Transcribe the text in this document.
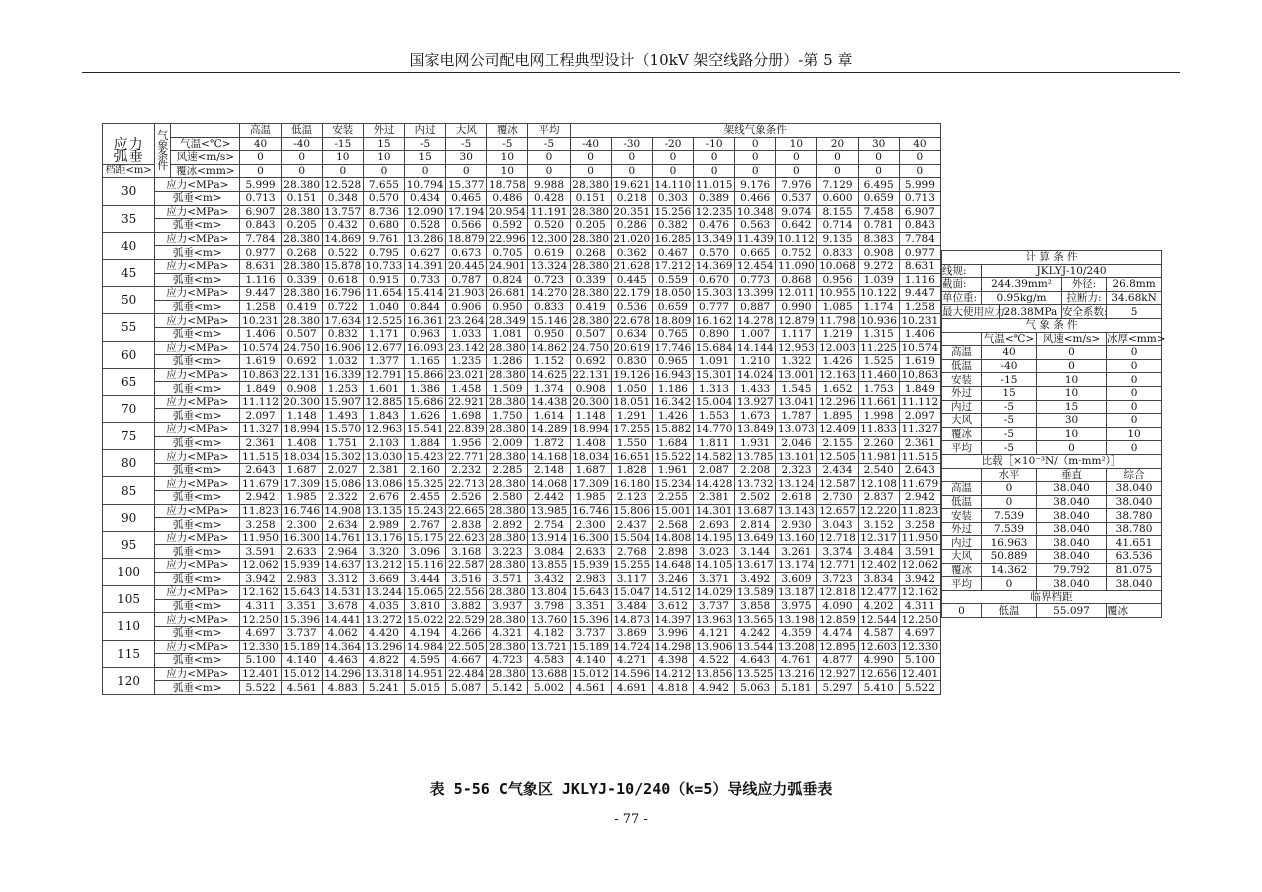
国家电网公司配电网工程典型设计（10kV 架空线路分册）-第 5 章
应力	气象条件		高温	低温	安装	外过	内过	大风	覆冰	平均	架线气象条件								
		气温<℃>	40	-40	-15	15	-5	-5	-5	-5	-40	-30	-20	-10	0	10	20	30	40
弧垂		风速<m/s>	0	0	10	10	15	30	10	0	0	0	0	0	0	0	0	0	0
档距<m>		覆冰<mm>	0	0	0	0	0	0	10	0	0	0	0	0	0	0	0	0	0
30	应力<MPa>		5.999	28.380	12.528	7.655	10.794	15.377	18.758	9.988	28.380	19.621	14.110	11.015	9.176	7.976	7.129	6.495	5.999
	弧垂<m>		0.713	0.151	0.348	0.570	0.434	0.465	0.486	0.428	0.151	0.218	0.303	0.389	0.466	0.537	0.600	0.659	0.713
35	应力<MPa>		6.907	28.380	13.757	8.736	12.090	17.194	20.954	11.191	28.380	20.351	15.256	12.235	10.348	9.074	8.155	7.458	6.907
	弧垂<m>		0.843	0.205	0.432	0.680	0.528	0.566	0.592	0.520	0.205	0.286	0.382	0.476	0.563	0.642	0.714	0.781	0.843
40	应力<MPa>		7.784	28.380	14.869	9.761	13.286	18.879	22.996	12.300	28.380	21.020	16.285	13.349	11.439	10.112	9.135	8.383	7.784
	弧垂<m>		0.977	0.268	0.522	0.795	0.627	0.673	0.705	0.619	0.268	0.362	0.467	0.570	0.665	0.752	0.833	0.908	0.977
45	应力<MPa>		8.631	28.380	15.878	10.733	14.391	20.445	24.901	13.324	28.380	21.628	17.212	14.369	12.454	11.090	10.068	9.272	8.631
	弧垂<m>		1.116	0.339	0.618	0.915	0.733	0.787	0.824	0.723	0.339	0.445	0.559	0.670	0.773	0.868	0.956	1.039	1.116
50	应力<MPa>		9.447	28.380	16.796	11.654	15.414	21.903	26.681	14.270	28.380	22.179	18.050	15.303	13.399	12.011	10.955	10.122	9.447
	弧垂<m>		1.258	0.419	0.722	1.040	0.844	0.906	0.950	0.833	0.419	0.536	0.659	0.777	0.887	0.990	1.085	1.174	1.258
55	应力<MPa>		10.231	28.380	17.634	12.525	16.361	23.264	28.349	15.146	28.380	22.678	18.809	16.162	14.278	12.879	11.798	10.936	10.231
	弧垂<m>		1.406	0.507	0.832	1.171	0.963	1.033	1.081	0.950	0.507	0.634	0.765	0.890	1.007	1.117	1.219	1.315	1.406
60	应力<MPa>		10.574	24.750	16.906	12.677	16.093	23.142	28.380	14.862	24.750	20.619	17.746	15.684	14.144	12.953	12.003	11.225	10.574
	弧垂<m>		1.619	0.692	1.032	1.377	1.165	1.235	1.286	1.152	0.692	0.830	0.965	1.091	1.210	1.322	1.426	1.525	1.619
65	应力<MPa>		10.863	22.131	16.339	12.791	15.866	23.021	28.380	14.625	22.131	19.126	16.943	15.301	14.024	13.001	12.163	11.460	10.863
	弧垂<m>		1.849	0.908	1.253	1.601	1.386	1.458	1.509	1.374	0.908	1.050	1.186	1.313	1.433	1.545	1.652	1.753	1.849
70	应力<MPa>		11.112	20.300	15.907	12.885	15.686	22.921	28.380	14.438	20.300	18.051	16.342	15.004	13.927	13.041	12.296	11.661	11.112
	弧垂<m>		2.097	1.148	1.493	1.843	1.626	1.698	1.750	1.614	1.148	1.291	1.426	1.553	1.673	1.787	1.895	1.998	2.097
75	应力<MPa>		11.327	18.994	15.570	12.963	15.541	22.839	28.380	14.289	18.994	17.255	15.882	14.770	13.849	13.073	12.409	11.833	11.327
	弧垂<m>		2.361	1.408	1.751	2.103	1.884	1.956	2.009	1.872	1.408	1.550	1.684	1.811	1.931	2.046	2.155	2.260	2.361
80	应力<MPa>		11.515	18.034	15.302	13.030	15.423	22.771	28.380	14.168	18.034	16.651	15.522	14.582	13.785	13.101	12.505	11.981	11.515
	弧垂<m>		2.643	1.687	2.027	2.381	2.160	2.232	2.285	2.148	1.687	1.828	1.961	2.087	2.208	2.323	2.434	2.540	2.643
85	应力<MPa>		11.679	17.309	15.086	13.086	15.325	22.713	28.380	14.068	17.309	16.180	15.234	14.428	13.732	13.124	12.587	12.108	11.679
	弧垂<m>		2.942	1.985	2.322	2.676	2.455	2.526	2.580	2.442	1.985	2.123	2.255	2.381	2.502	2.618	2.730	2.837	2.942
90	应力<MPa>		11.823	16.746	14.908	13.135	15.243	22.665	28.380	13.985	16.746	15.806	15.001	14.301	13.687	13.143	12.657	12.220	11.823
	弧垂<m>		3.258	2.300	2.634	2.989	2.767	2.838	2.892	2.754	2.300	2.437	2.568	2.693	2.814	2.930	3.043	3.152	3.258
95	应力<MPa>		11.950	16.300	14.761	13.176	15.175	22.623	28.380	13.914	16.300	15.504	14.808	14.195	13.649	13.160	12.718	12.317	11.950
	弧垂<m>		3.591	2.633	2.964	3.320	3.096	3.168	3.223	3.084	2.633	2.768	2.898	3.023	3.144	3.261	3.374	3.484	3.591
100	应力<MPa>		12.062	15.939	14.637	13.212	15.116	22.587	28.380	13.855	15.939	15.255	14.648	14.105	13.617	13.174	12.771	12.402	12.062
	弧垂<m>		3.942	2.983	3.312	3.669	3.444	3.516	3.571	3.432	2.983	3.117	3.246	3.371	3.492	3.609	3.723	3.834	3.942
105	应力<MPa>		12.162	15.643	14.531	13.244	15.065	22.556	28.380	13.804	15.643	15.047	14.512	14.029	13.589	13.187	12.818	12.477	12.162
	弧垂<m>		4.311	3.351	3.678	4.035	3.810	3.882	3.937	3.798	3.351	3.484	3.612	3.737	3.858	3.975	4.090	4.202	4.311
110	应力<MPa>		12.250	15.396	14.441	13.272	15.022	22.529	28.380	13.760	15.396	14.873	14.397	13.963	13.565	13.198	12.859	12.544	12.250
	弧垂<m>		4.697	3.737	4.062	4.420	4.194	4.266	4.321	4.182	3.737	3.869	3.996	4.121	4.242	4.359	4.474	4.587	4.697
115	应力<MPa>		12.330	15.189	14.364	13.296	14.984	22.505	28.380	13.721	15.189	14.724	14.298	13.906	13.544	13.208	12.895	12.603	12.330
	弧垂<m>		5.100	4.140	4.463	4.822	4.595	4.667	4.723	4.583	4.140	4.271	4.398	4.522	4.643	4.761	4.877	4.990	5.100
120	应力<MPa>		12.401	15.012	14.296	13.318	14.951	22.484	28.380	13.688	15.012	14.596	14.212	13.856	13.525	13.216	12.927	12.656	12.401
	弧垂<m>		5.522	4.561	4.883	5.241	5.015	5.087	5.142	5.002	4.561	4.691	4.818	4.942	5.063	5.181	5.297	5.410	5.522
计 算 条 件					
线规:	JKLYJ-10/240				
截面:	244.39mm²			外径:	26.8mm
单位重:	0.95kg/m			拉断力:	34.68kN
最大使用应力:		28.38MPa		安全系数:	5
气 象 条 件					
	气温<℃>		风速<m/s>		冰厚<mm>
高温	40		0		0
低温	-40		0		0
安装	-15		10		0
外过	15		10		0
内过	-5		15		0
大风	-5		30		0
覆冰	-5		10		10
平均	-5		0		0
比载［×10⁻³N/（m·mm²）］					
	水平		垂直		综合
高温	0		38.040		38.040
低温	0		38.040		38.040
安装	7.539		38.040		38.780
外过	7.539		38.040		38.780
内过	16.963		38.040		41.651
大风	50.889		38.040		63.536
覆冰	14.362		79.792		81.075
平均	0		38.040		38.040
临界档距					
0	低温		55.097		覆冰
表 5-56 C气象区 JKLYJ-10/240（k=5）导线应力弧垂表
- 77 -
